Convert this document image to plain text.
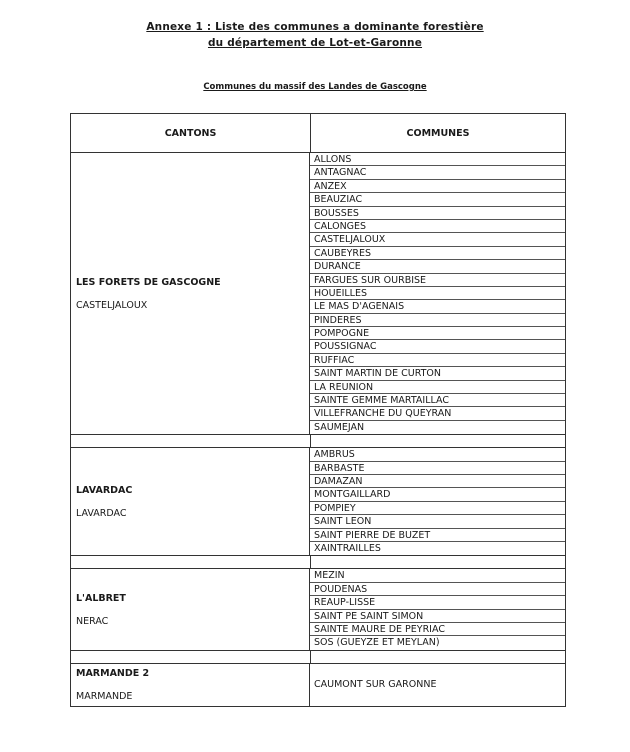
Annexe 1 : Liste des communes a dominante forestière
du département de Lot-et-Garonne
Communes du massif des Landes de Gascogne
CANTONS	COMMUNES
LES FORETS DE GASCOGNE
CASTELJALOUX
ALLONS
ANTAGNAC
ANZEX
BEAUZIAC
BOUSSES
CALONGES
CASTELJALOUX
CAUBEYRES
DURANCE
FARGUES SUR OURBISE
HOUEILLES
LE MAS D'AGENAIS
PINDERES
POMPOGNE
POUSSIGNAC
RUFFIAC
SAINT MARTIN DE CURTON
LA REUNION
SAINTE GEMME MARTAILLAC
VILLEFRANCHE DU QUEYRAN
SAUMEJAN
LAVARDAC
LAVARDAC
AMBRUS
BARBASTE
DAMAZAN
MONTGAILLARD
POMPIEY
SAINT LEON
SAINT PIERRE DE BUZET
XAINTRAILLES
L'ALBRET
NERAC
MEZIN
POUDENAS
REAUP-LISSE
SAINT PE SAINT SIMON
SAINTE MAURE DE PEYRIAC
SOS (GUEYZE ET MEYLAN)
MARMANDE 2
MARMANDE
CAUMONT SUR GARONNE
